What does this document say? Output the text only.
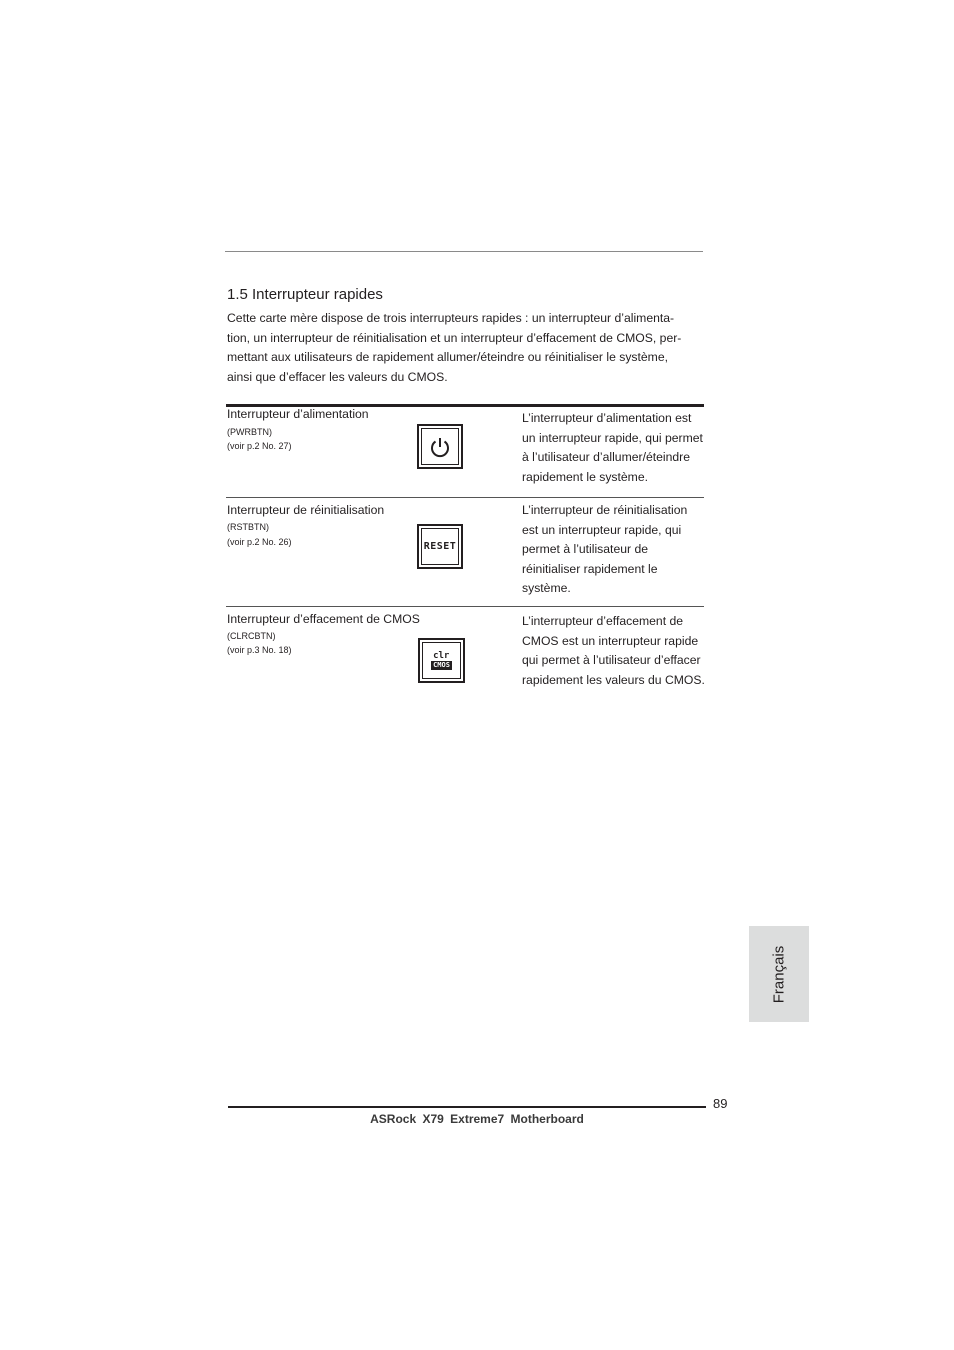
1.5 Interrupteur rapides

Cette carte mère dispose de trois interrupteurs rapides : un interrupteur d’alimenta-
tion, un interrupteur de réinitialisation et un interrupteur d’effacement de CMOS, per-
mettant aux utilisateurs de rapidement allumer/éteindre ou réinitialiser le système,
ainsi que d’effacer les valeurs du CMOS.

Interrupteur d’alimentation
(PWRBTN)
(voir p.2 No. 27)
L’interrupteur d’alimentation est
un interrupteur rapide, qui permet
à l’utilisateur d’allumer/éteindre
rapidement le système.
Interrupteur de réinitialisation
(RSTBTN)
(voir p.2 No. 26)	RESET
L’interrupteur de réinitialisation
est un interrupteur rapide, qui
permet à l’utilisateur de
réinitialiser rapidement le
système.
Interrupteur d’effacement de CMOS
(CLRCBTN)
(voir p.3 No. 18)
clr
CMOS
L’interrupteur d’effacement de
CMOS est un interrupteur rapide
qui permet à l’utilisateur d’effacer
rapidement les valeurs du CMOS.
Français
89
ASRock X79 Extreme7 Motherboard
